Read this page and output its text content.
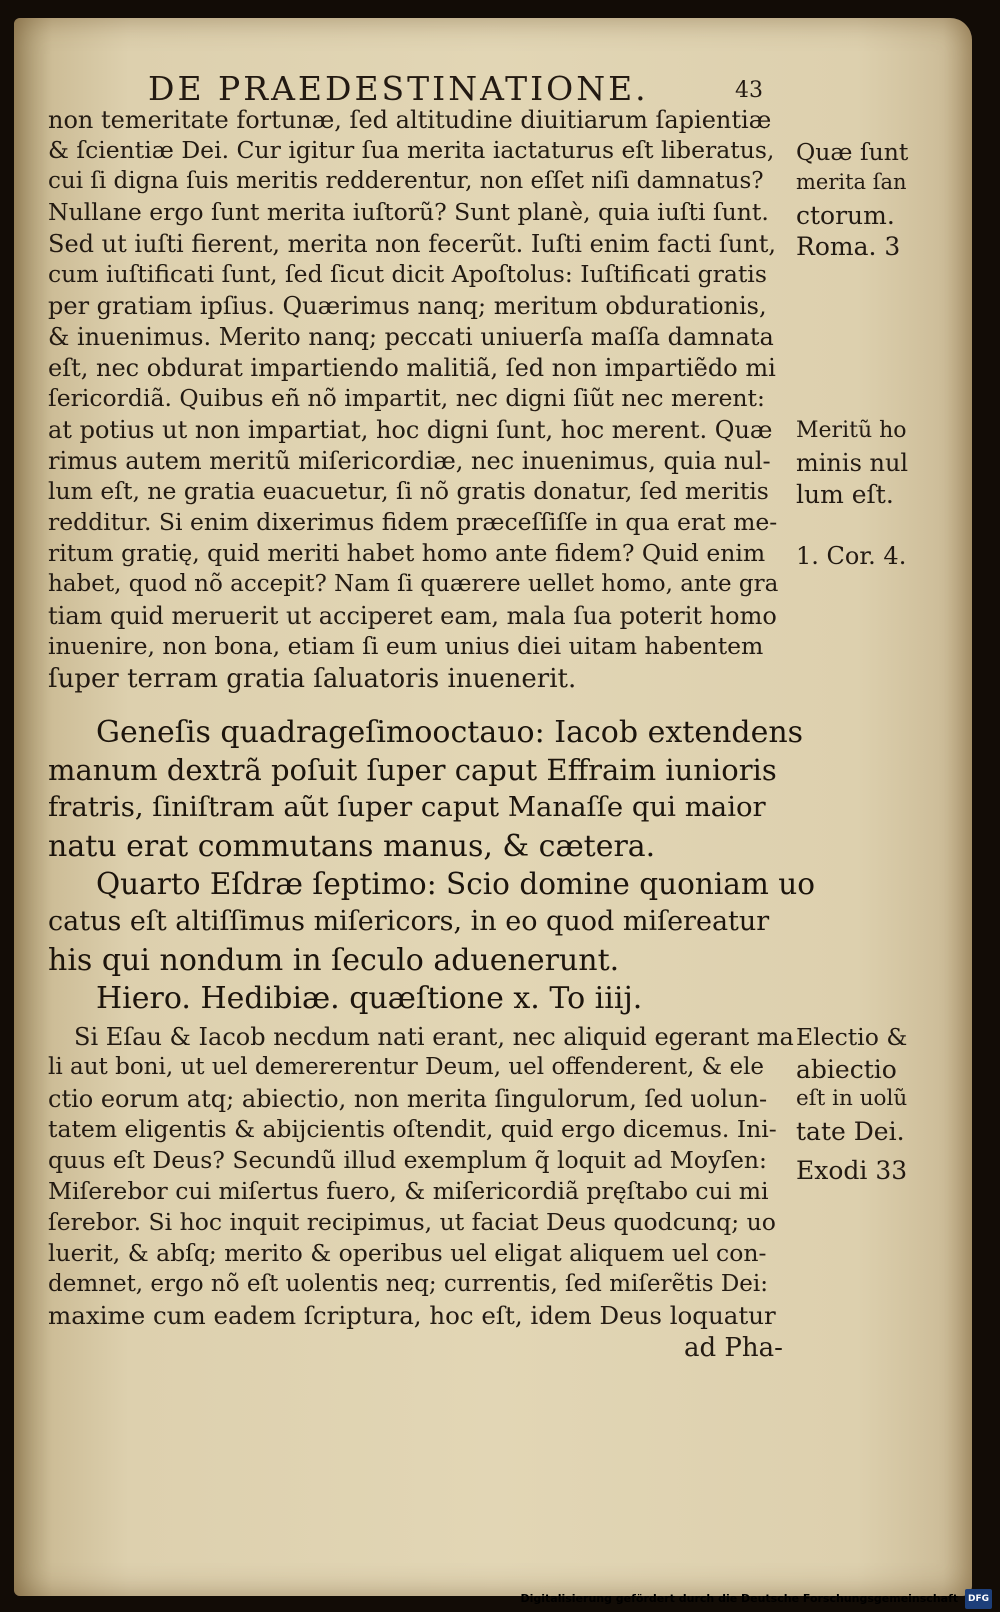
DE PRAEDESTINATIONE.	43
non temeritate fortunæ, ſed altitudine diuitiarum ſapientiæ
& ſcientiæ Dei. Cur igitur ſua merita iactaturus eſt liberatus,
cui ſi digna ſuis meritis redderentur, non eſſet niſi damnatus?
Nullane ergo ſunt merita iuſtorũ? Sunt planè, quia iuſti ſunt.
Sed ut iuſti fierent, merita non fecerũt. Iuſti enim facti ſunt,
cum iuſtificati ſunt, ſed ſicut dicit Apoſtolus: Iuſtificati gratis
per gratiam ipſius. Quærimus nanq; meritum obdurationis,
& inuenimus. Merito nanq; peccati uniuerſa maſſa damnata
eſt, nec obdurat impartiendo malitiã, ſed non impartiẽdo mi
ſericordiã. Quibus eñ nõ impartit, nec digni ſiũt nec merent:
at potius ut non impartiat, hoc digni ſunt, hoc merent. Quæ
rimus autem meritũ miſericordiæ, nec inuenimus, quia nul-
lum eſt, ne gratia euacuetur, ſi nõ gratis donatur, ſed meritis
redditur. Si enim dixerimus fidem præceſſiſſe in qua erat me-
ritum gratię, quid meriti habet homo ante fidem? Quid enim
habet, quod nõ accepit? Nam ſi quærere uellet homo, ante gra
tiam quid meruerit ut acciperet eam, mala ſua poterit homo
inuenire, non bona, etiam ſi eum unius diei uitam habentem
ſuper terram gratia ſaluatoris inuenerit.
Geneſis quadrageſimooctauo: Iacob extendens
manum dextrã poſuit ſuper caput Effraim iunioris
fratris, ſiniſtram aũt ſuper caput Manaſſe qui maior
natu erat commutans manus, & cætera.
Quarto Eſdræ ſeptimo: Scio domine quoniam uo
catus eſt altiſſimus miſericors, in eo quod miſereatur
his qui nondum in ſeculo aduenerunt.
Hiero. Hedibiæ. quæſtione x. To iiij.
Si Eſau & Iacob necdum nati erant, nec aliquid egerant ma
li aut boni, ut uel demererentur Deum, uel offenderent, & ele
ctio eorum atq; abiectio, non merita ſingulorum, ſed uolun-
tatem eligentis & abijcientis oſtendit, quid ergo dicemus. Ini-
quus eſt Deus? Secundũ illud exemplum q̃ loquit ad Moyſen:
Miſerebor cui miſertus fuero, & miſericordiã pręſtabo cui mi
ſerebor. Si hoc inquit recipimus, ut faciat Deus quodcunq; uo
luerit, & abſq; merito & operibus uel eligat aliquem uel con-
demnet, ergo nõ eſt uolentis neq; currentis, ſed miſerẽtis Dei:
maxime cum eadem ſcriptura, hoc eſt, idem Deus loquatur
ad Pha-
Quæ ſunt
merita ſan
ctorum.
Roma. 3
Meritũ ho
minis nul
lum eſt.
1. Cor. 4.
Electio &
abiectio
eſt in uolũ
tate Dei.
Exodi 33
Digitalisierung gefördert durch die Deutsche Forschungsgemeinschaft DFG
